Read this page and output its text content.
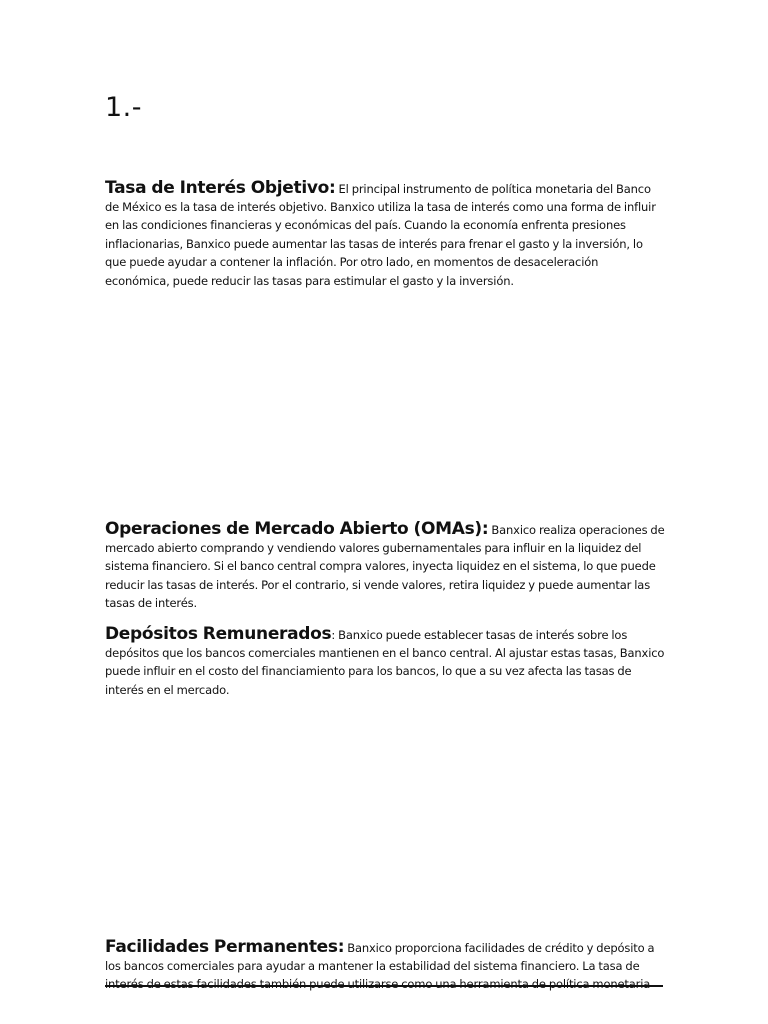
1.-

Tasa de Interés Objetivo: El principal instrumento de política monetaria del Banco de México es la tasa de interés objetivo. Banxico utiliza la tasa de interés como una forma de influir en las condiciones financieras y económicas del país. Cuando la economía enfrenta presiones inflacionarias, Banxico puede aumentar las tasas de interés para frenar el gasto y la inversión, lo que puede ayudar a contener la inflación. Por otro lado, en momentos de desaceleración económica, puede reducir las tasas para estimular el gasto y la inversión.

Operaciones de Mercado Abierto (OMAs): Banxico realiza operaciones de mercado abierto comprando y vendiendo valores gubernamentales para influir en la liquidez del sistema financiero. Si el banco central compra valores, inyecta liquidez en el sistema, lo que puede reducir las tasas de interés. Por el contrario, si vende valores, retira liquidez y puede aumentar las tasas de interés.

Depósitos Remunerados: Banxico puede establecer tasas de interés sobre los depósitos que los bancos comerciales mantienen en el banco central. Al ajustar estas tasas, Banxico puede influir en el costo del financiamiento para los bancos, lo que a su vez afecta las tasas de interés en el mercado.

Facilidades Permanentes: Banxico proporciona facilidades de crédito y depósito a los bancos comerciales para ayudar a mantener la estabilidad del sistema financiero. La tasa de interés de estas facilidades también puede utilizarse como una herramienta de política monetaria
